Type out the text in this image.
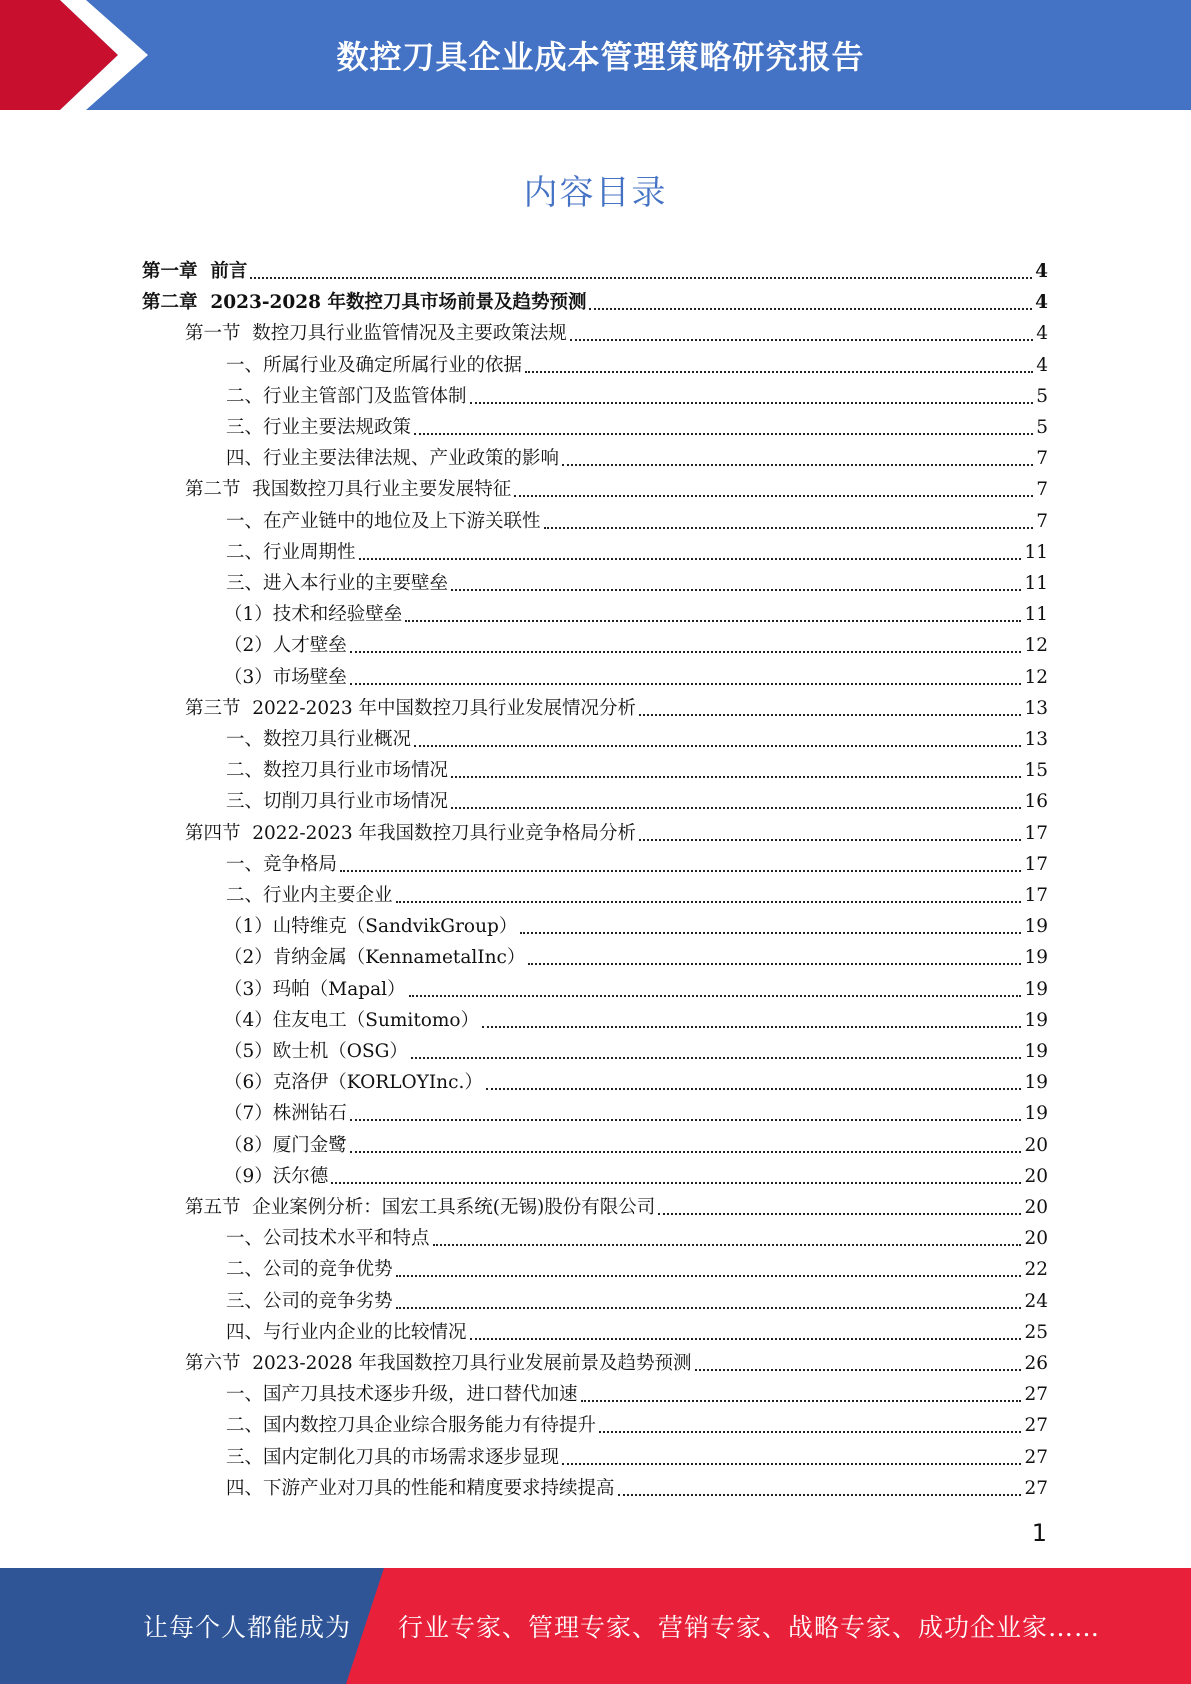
数控刀具企业成本管理策略研究报告
内容目录
第一章  前言	4
第二章  2023-2028 年数控刀具市场前景及趋势预测	4
第一节  数控刀具行业监管情况及主要政策法规	4
一、所属行业及确定所属行业的依据	4
二、行业主管部门及监管体制	5
三、行业主要法规政策	5
四、行业主要法律法规、产业政策的影响	7
第二节  我国数控刀具行业主要发展特征	7
一、在产业链中的地位及上下游关联性	7
二、行业周期性	11
三、进入本行业的主要壁垒	11
（1）技术和经验壁垒	11
（2）人才壁垒	12
（3）市场壁垒	12
第三节  2022-2023 年中国数控刀具行业发展情况分析	13
一、数控刀具行业概况	13
二、数控刀具行业市场情况	15
三、切削刀具行业市场情况	16
第四节  2022-2023 年我国数控刀具行业竞争格局分析	17
一、竞争格局	17
二、行业内主要企业	17
（1）山特维克（SandvikGroup）	19
（2）肯纳金属（KennametalInc）	19
（3）玛帕（Mapal）	19
（4）住友电工（Sumitomo）	19
（5）欧士机（OSG）	19
（6）克洛伊（KORLOYInc.）	19
（7）株洲钻石	19
（8）厦门金鹭	20
（9）沃尔德	20
第五节  企业案例分析：国宏工具系统(无锡)股份有限公司	20
一、公司技术水平和特点	20
二、公司的竞争优势	22
三、公司的竞争劣势	24
四、与行业内企业的比较情况	25
第六节  2023-2028 年我国数控刀具行业发展前景及趋势预测	26
一、国产刀具技术逐步升级，进口替代加速	27
二、国内数控刀具企业综合服务能力有待提升	27
三、国内定制化刀具的市场需求逐步显现	27
四、下游产业对刀具的性能和精度要求持续提高	27
1
让每个人都能成为 行业专家、管理专家、营销专家、战略专家、成功企业家……
